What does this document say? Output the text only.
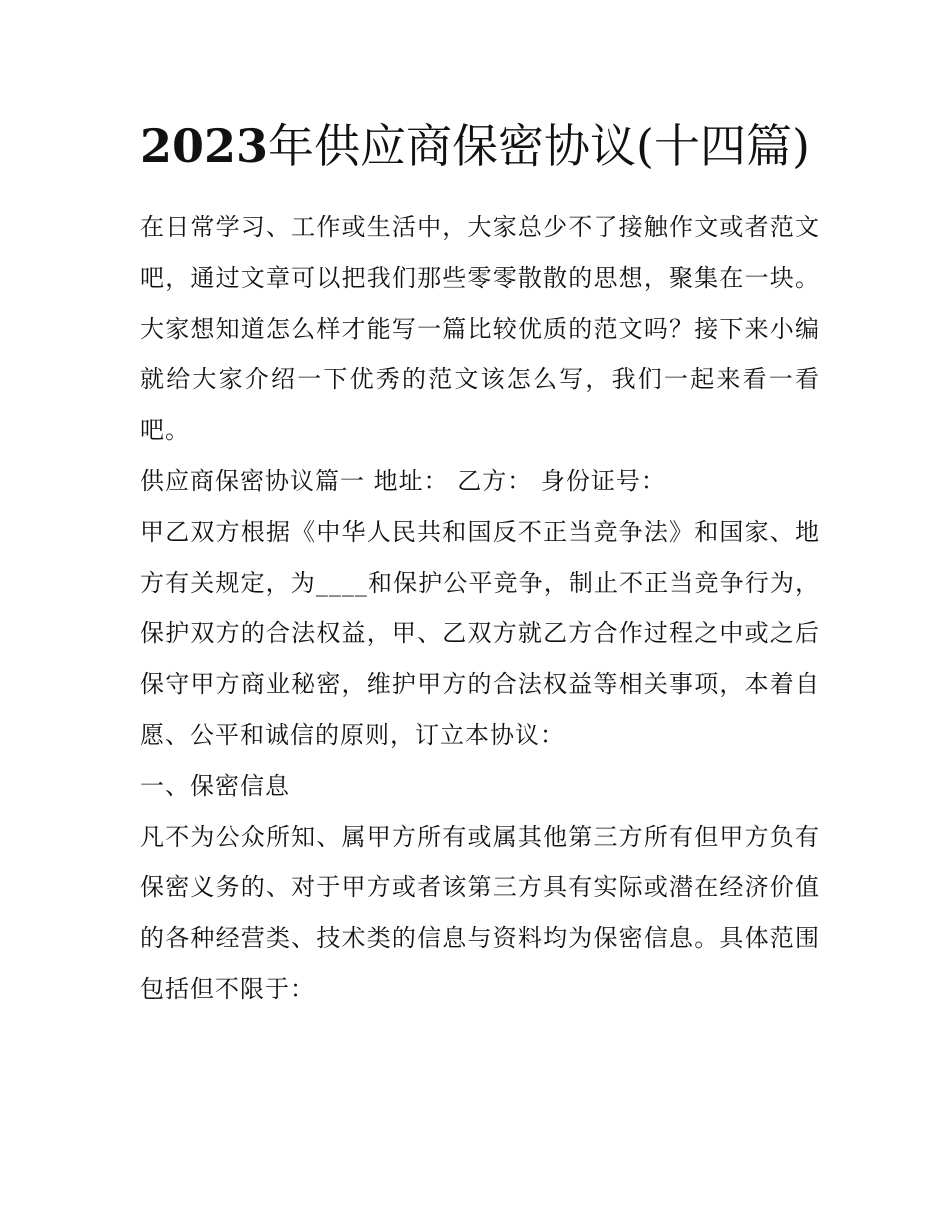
2023年供应商保密协议(十四篇)

在日常学习、工作或生活中，大家总少不了接触作文或者范文吧，通过文章可以把我们那些零零散散的思想，聚集在一块。大家想知道怎么样才能写一篇比较优质的范文吗？接下来小编就给大家介绍一下优秀的范文该怎么写，我们一起来看一看吧。

供应商保密协议篇一 地址： 乙方： 身份证号：

甲乙双方根据《中华人民共和国反不正当竞争法》和国家、地方有关规定，为____和保护公平竞争，制止不正当竞争行为，保护双方的合法权益，甲、乙双方就乙方合作过程之中或之后保守甲方商业秘密，维护甲方的合法权益等相关事项，本着自愿、公平和诚信的原则，订立本协议：

一、保密信息

凡不为公众所知、属甲方所有或属其他第三方所有但甲方负有保密义务的、对于甲方或者该第三方具有实际或潜在经济价值的各种经营类、技术类的信息与资料均为保密信息。具体范围包括但不限于：
